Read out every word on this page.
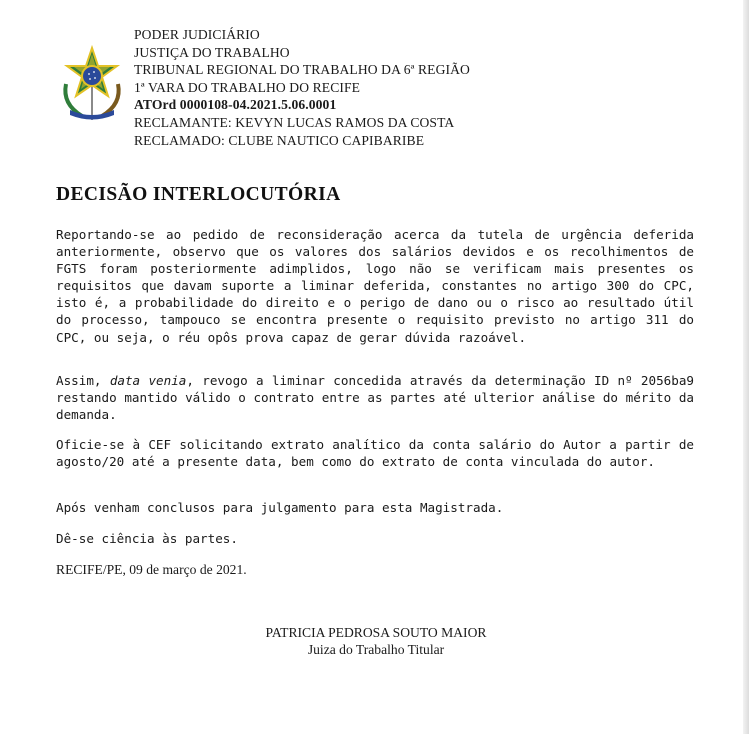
PODER JUDICIÁRIO
JUSTIÇA DO TRABALHO
TRIBUNAL REGIONAL DO TRABALHO DA 6ª REGIÃO
1ª VARA DO TRABALHO DO RECIFE
ATOrd 0000108-04.2021.5.06.0001
RECLAMANTE: KEVYN LUCAS RAMOS DA COSTA
RECLAMADO: CLUBE NAUTICO CAPIBARIBE
DECISÃO INTERLOCUTÓRIA

Reportando-se ao pedido de reconsideração acerca da tutela de urgência deferida anteriormente, observo que os valores dos salários devidos e os recolhimentos de FGTS foram posteriormente adimplidos, logo não se verificam mais presentes os requisitos que davam suporte a liminar deferida, constantes no artigo 300 do CPC, isto é, a probabilidade do direito e o perigo de dano ou o risco ao resultado útil do processo, tampouco se encontra presente o requisito previsto no artigo 311 do CPC, ou seja, o réu opôs prova capaz de gerar dúvida razoável.

Assim, data venia, revogo a liminar concedida através da determinação ID nº 2056ba9 restando mantido válido o contrato entre as partes até ulterior análise do mérito da demanda.

Oficie-se à CEF solicitando extrato analítico da conta salário do Autor a partir de agosto/20 até a presente data, bem como do extrato de conta vinculada do autor.

Após venham conclusos para julgamento para esta Magistrada.

Dê-se ciência às partes.

RECIFE/PE, 09 de março de 2021.
PATRICIA PEDROSA SOUTO MAIOR
Juiza do Trabalho Titular
